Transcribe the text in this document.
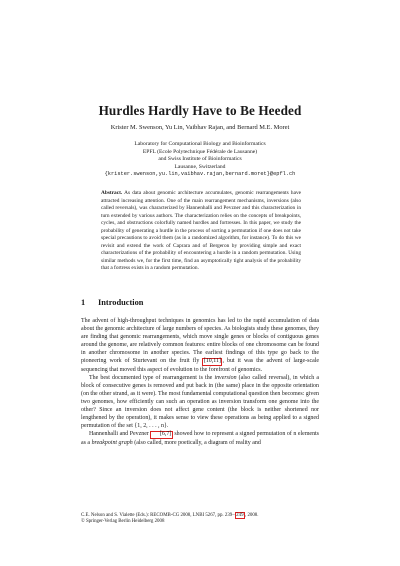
Hurdles Hardly Have to Be Heeded
Krister M. Swenson, Yu Lin, Vaibhav Rajan, and Bernard M.E. Moret
Laboratory for Computational Biology and Bioinformatics
EPFL (Ecole Polytechnique Fédérale de Lausanne)
and Swiss Institute of Bioinformatics
Lausanne, Switzerland
{krister.swenson,yu.lin,vaibhav.rajan,bernard.moret}@epfl.ch
Abstract. As data about genomic architecture accumulates, genomic rearrangements have attracted increasing attention. One of the main rearrangement mechanisms, inversions (also called reversals), was characterized by Hannenhalli and Pevzner and this characterization in turn extended by various authors. The characterization relies on the concepts of breakpoints, cycles, and obstructions colorfully named hurdles and fortresses. In this paper, we study the probability of generating a hurdle in the process of sorting a permutation if one does not take special precautions to avoid them (as in a randomized algorithm, for instance). To do this we revisit and extend the work of Caprara and of Bergeron by providing simple and exact characterizations of the probability of encountering a hurdle in a random permutation. Using similar methods we, for the first time, find an asymptotically tight analysis of the probability that a fortress exists in a random permutation.
1 Introduction

The advent of high-throughput techniques in genomics has led to the rapid accumulation of data about the genomic architecture of large numbers of species. As biologists study these genomes, they are finding that genomic rearrangements, which move single genes or blocks of contiguous genes around the genome, are relatively common features: entire blocks of one chromosome can be found in another chromosome in another species. The earliest findings of this type go back to the pioneering work of Sturtevant on the fruit fly [10,11] , but it was the advent of large-scale sequencing that moved this aspect of evolution to the forefront of genomics.

The best documented type of rearrangement is the inversion (also called reversal), in which a block of consecutive genes is removed and put back in (the same) place in the opposite orientation (on the other strand, as it were). The most fundamental computational question then becomes: given two genomes, how efficiently can such an operation as inversion transform one genome into the other? Since an inversion does not affect gene content (the block is neither shortened nor lengthened by the operation), it makes sense to view these operations as being applied to a signed permutation of the set {1, 2, . . . , n}.

Hannenhalli and Pevzner [6,7] showed how to represent a signed permutation of n elements as a breakpoint graph (also called, more poetically, a diagram of reality and

C.E. Nelson and S. Vialette (Eds.): RECOMB-CG 2008, LNBI 5267, pp. 239– 249 , 2008.
© Springer-Verlag Berlin Heidelberg 2008
